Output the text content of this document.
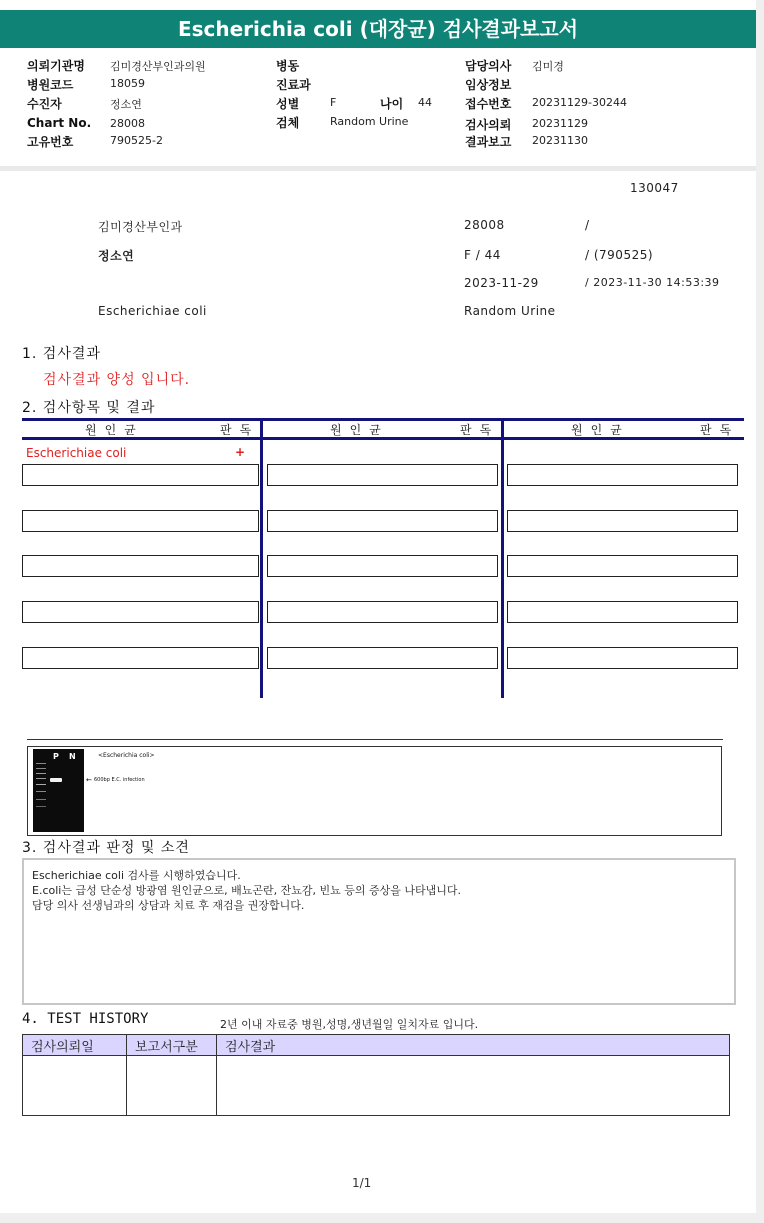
Escherichia coli (대장균) 검사결과보고서
의뢰기관명 김미경산부인과의원
병원코드	18059
수진자	정소연
Chart No. 28008
고유번호	790525-2
병동
진료과
성별	F	나이 44
검체	Random Urine
담당의사 김미경
임상정보
접수번호 20231129-30244
검사의뢰 20231129
결과보고 20231130
130047
김미경산부인과	28008	/
정소연	F / 44	/ (790525)
2023-11-29	/ 2023-11-30 14:53:39
Escherichiae coli	Random Urine
1. 검사결과
검사결과 양성 입니다.
2. 검사항목 및 결과
원인균	판독	원인균	판독	원인균	판독
Escherichiae coli	+
P N	<Escherichia coli>
← 600bp E.C. infection
3. 검사결과 판정 및 소견
Escherichiae coli 검사를 시행하였습니다.
E.coli는 급성 단순성 방광염 원인균으로, 배뇨곤란, 잔뇨감, 빈뇨 등의 증상을 나타냅니다.
담당 의사 선생님과의 상담과 치료 후 재검을 권장합니다.
4. TEST HISTORY	2년 이내 자료중 병원,성명,생년월일 일치자료 입니다.
검사의뢰일	보고서구분	검사결과

1/1
